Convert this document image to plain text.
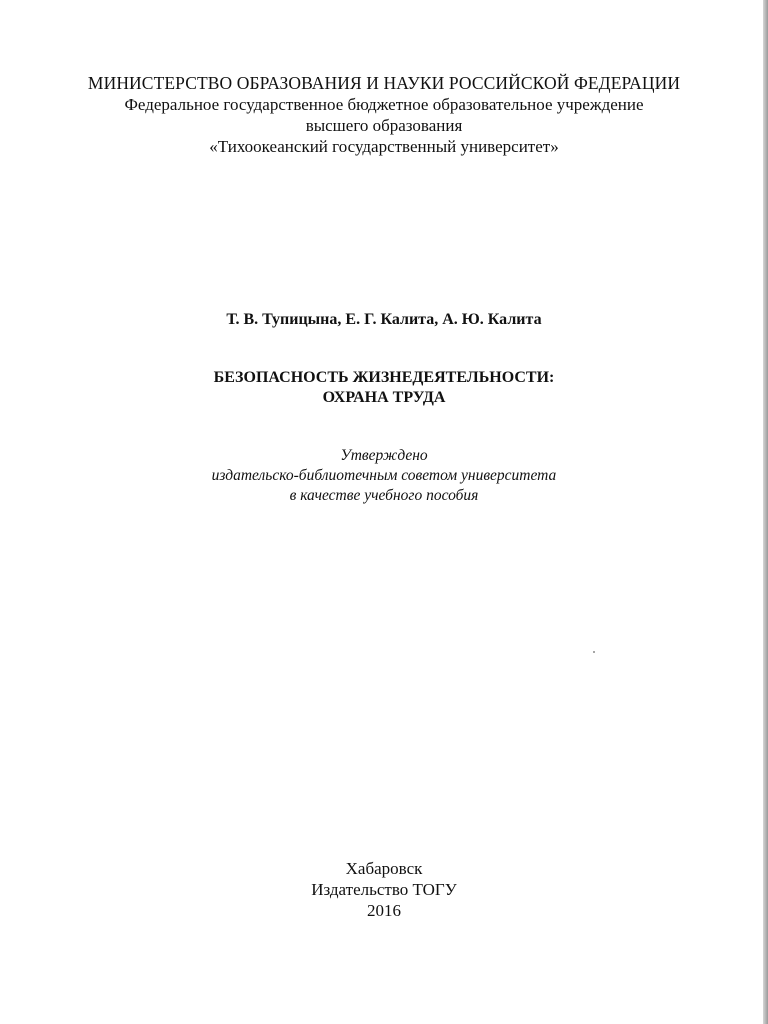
МИНИСТЕРСТВО ОБРАЗОВАНИЯ И НАУКИ РОССИЙСКОЙ ФЕДЕРАЦИИ
Федеральное государственное бюджетное образовательное учреждение
высшего образования
«Тихоокеанский государственный университет»
Т. В. Тупицына, Е. Г. Калита, А. Ю. Калита
БЕЗОПАСНОСТЬ ЖИЗНЕДЕЯТЕЛЬНОСТИ:
ОХРАНА ТРУДА
Утверждено
издательско-библиотечным советом университета
в качестве учебного пособия
Хабаровск
Издательство ТОГУ
2016
